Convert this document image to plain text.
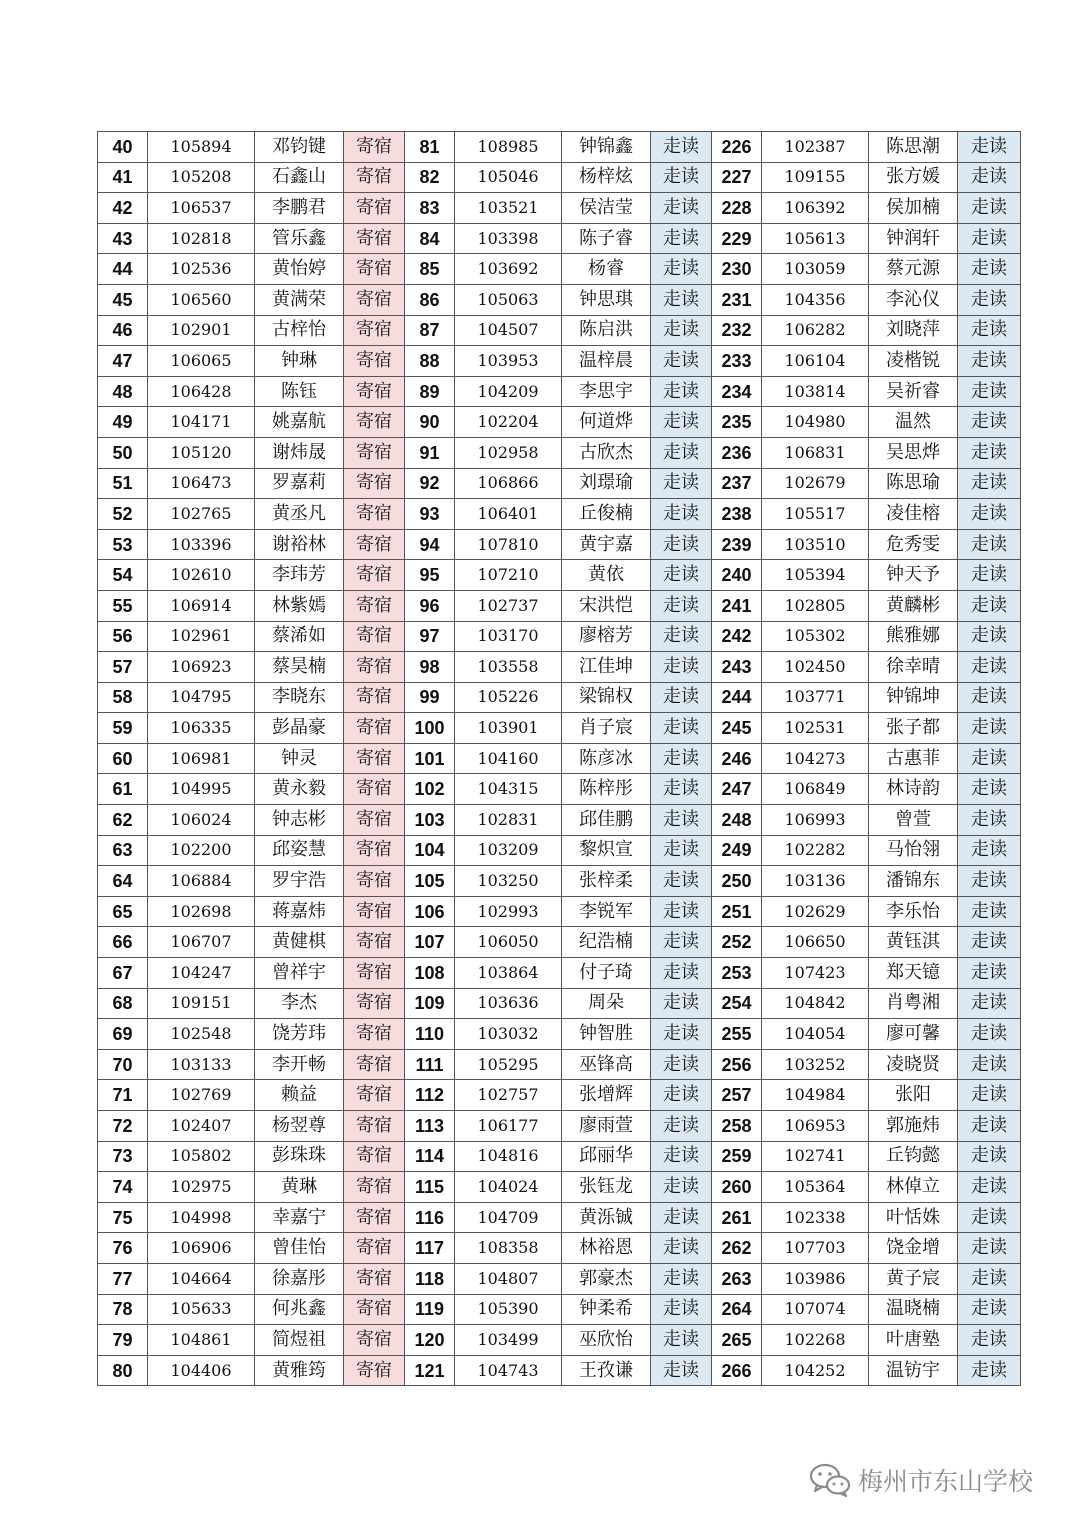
40	105894	邓钧键	寄宿	81	108985	钟锦鑫	走读	226	102387	陈思潮	走读
41	105208	石鑫山	寄宿	82	105046	杨梓炫	走读	227	109155	张方媛	走读
42	106537	李鹏君	寄宿	83	103521	侯洁莹	走读	228	106392	侯加楠	走读
43	102818	管乐鑫	寄宿	84	103398	陈子睿	走读	229	105613	钟润轩	走读
44	102536	黄怡婷	寄宿	85	103692	杨睿	走读	230	103059	蔡元源	走读
45	106560	黄满荣	寄宿	86	105063	钟思琪	走读	231	104356	李沁仪	走读
46	102901	古梓怡	寄宿	87	104507	陈启洪	走读	232	106282	刘晓萍	走读
47	106065	钟琳	寄宿	88	103953	温梓晨	走读	233	106104	凌楷锐	走读
48	106428	陈钰	寄宿	89	104209	李思宇	走读	234	103814	吴祈睿	走读
49	104171	姚嘉航	寄宿	90	102204	何道烨	走读	235	104980	温然	走读
50	105120	谢炜晟	寄宿	91	102958	古欣杰	走读	236	106831	吴思烨	走读
51	106473	罗嘉莉	寄宿	92	106866	刘璟瑜	走读	237	102679	陈思瑜	走读
52	102765	黄丞凡	寄宿	93	106401	丘俊楠	走读	238	105517	凌佳榕	走读
53	103396	谢裕林	寄宿	94	107810	黄宇嘉	走读	239	103510	危秀雯	走读
54	102610	李玮芳	寄宿	95	107210	黄依	走读	240	105394	钟天予	走读
55	106914	林紫嫣	寄宿	96	102737	宋洪恺	走读	241	102805	黄麟彬	走读
56	102961	蔡浠如	寄宿	97	103170	廖榕芳	走读	242	105302	熊雅娜	走读
57	106923	蔡昊楠	寄宿	98	103558	江佳坤	走读	243	102450	徐幸晴	走读
58	104795	李晓东	寄宿	99	105226	梁锦权	走读	244	103771	钟锦坤	走读
59	106335	彭晶豪	寄宿	100	103901	肖子宸	走读	245	102531	张子都	走读
60	106981	钟灵	寄宿	101	104160	陈彦冰	走读	246	104273	古惠菲	走读
61	104995	黄永毅	寄宿	102	104315	陈梓彤	走读	247	106849	林诗韵	走读
62	106024	钟志彬	寄宿	103	102831	邱佳鹏	走读	248	106993	曾萱	走读
63	102200	邱姿慧	寄宿	104	103209	黎炽宣	走读	249	102282	马怡翎	走读
64	106884	罗宇浩	寄宿	105	103250	张梓柔	走读	250	103136	潘锦东	走读
65	102698	蒋嘉炜	寄宿	106	102993	李锐军	走读	251	102629	李乐怡	走读
66	106707	黄健棋	寄宿	107	106050	纪浩楠	走读	252	106650	黄钰淇	走读
67	104247	曾祥宇	寄宿	108	103864	付子琦	走读	253	107423	郑天镱	走读
68	109151	李杰	寄宿	109	103636	周朵	走读	254	104842	肖粤湘	走读
69	102548	饶芳玮	寄宿	110	103032	钟智胜	走读	255	104054	廖可馨	走读
70	103133	李开畅	寄宿	111	105295	巫锋高	走读	256	103252	凌晓贤	走读
71	102769	赖益	寄宿	112	102757	张增辉	走读	257	104984	张阳	走读
72	102407	杨翌尊	寄宿	113	106177	廖雨萱	走读	258	106953	郭施炜	走读
73	105802	彭珠珠	寄宿	114	104816	邱丽华	走读	259	102741	丘钧懿	走读
74	102975	黄琳	寄宿	115	104024	张钰龙	走读	260	105364	林倬立	走读
75	104998	幸嘉宁	寄宿	116	104709	黄泺铖	走读	261	102338	叶恬姝	走读
76	106906	曾佳怡	寄宿	117	108358	林裕恩	走读	262	107703	饶金增	走读
77	104664	徐嘉彤	寄宿	118	104807	郭豪杰	走读	263	103986	黄子宸	走读
78	105633	何兆鑫	寄宿	119	105390	钟柔希	走读	264	107074	温晓楠	走读
79	104861	简煜祖	寄宿	120	103499	巫欣怡	走读	265	102268	叶唐塾	走读
80	104406	黄雅筠	寄宿	121	104743	王孜谦	走读	266	104252	温钫宇	走读
梅州市东山学校
